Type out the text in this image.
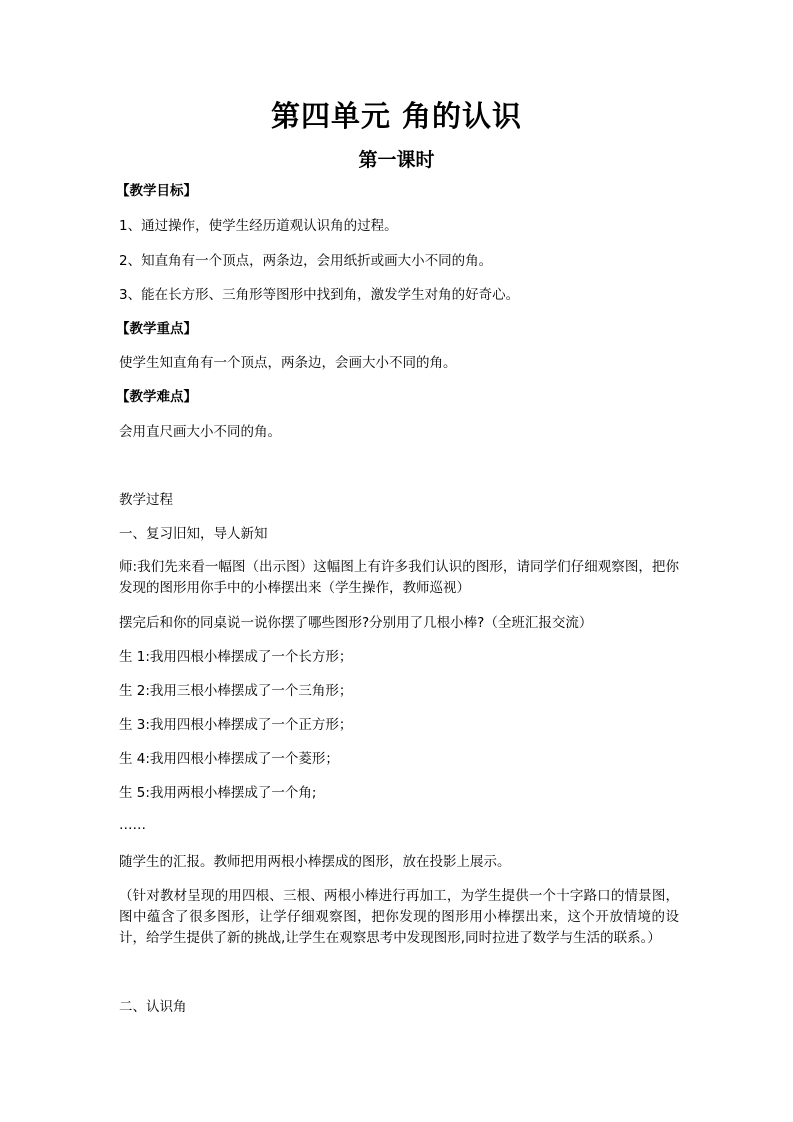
第四单元 角的认识
第一课时
【教学目标】
1、通过操作，使学生经历道观认识角的过程。
2、知直角有一个顶点，两条边，会用纸折或画大小不同的角。
3、能在长方形、三角形等图形中找到角，激发学生对角的好奇心。
【教学重点】
使学生知直角有一个顶点，两条边，会画大小不同的角。
【教学难点】
会用直尺画大小不同的角。
教学过程
一、复习旧知，导人新知
师:我们先来看一幅图（出示图）这幅图上有许多我们认识的图形，请同学们仔细观察图，把你发现的图形用你手中的小棒摆出来（学生操作，教师巡视）
摆完后和你的同桌说一说你摆了哪些图形?分别用了几根小棒?（全班汇报交流）
生 1:我用四根小棒摆成了一个长方形；
生 2:我用三根小棒摆成了一个三角形；
生 3:我用四根小棒摆成了一个正方形；
生 4:我用四根小棒摆成了一个菱形；
生 5:我用两根小棒摆成了一个角;
……
随学生的汇报。教师把用两根小棒摆成的图形，放在投影上展示。
（针对教材呈现的用四根、三根、两根小棒进行再加工，为学生提供一个十字路口的情景图，图中蕴含了很多图形，让学仔细观察图，把你发现的图形用小棒摆出来，这个开放情境的设计，给学生提供了新的挑战,让学生在观察思考中发现图形,同时拉进了数学与生活的联系。）
二、认识角
